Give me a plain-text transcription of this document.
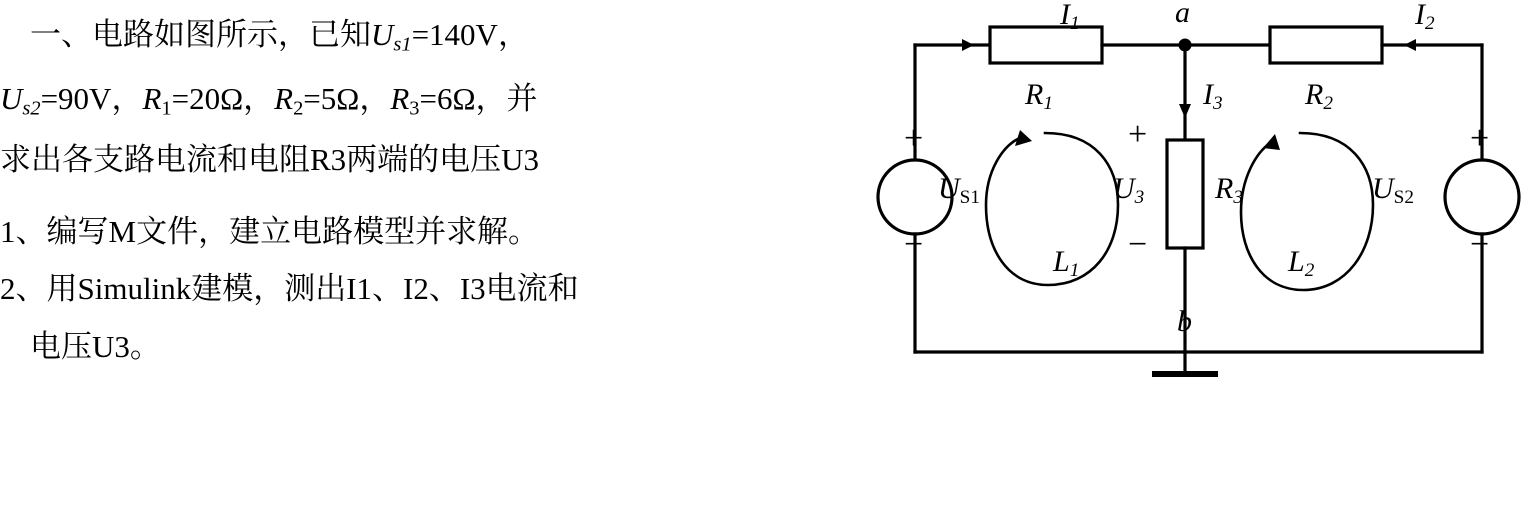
一、电路如图所示，已知$U_{s1}=140V$，
$U_{s2}=90V$，$R_1=20\Omega$，$R_2=5\Omega$，$R_3=6\Omega$，并
求出各支路电流和电阻R3两端的电压U3
1、编写M文件，建立电路模型并求解。
2、用Simulink建模，测出I1、I2、I3电流和
电压U3。
$I_1$	$I_2$
$I_3$
$R_1$	$R_2$
$R_3$
$U_3$
$U_{S1}$	$U_{S2}$
$L_1$	$L_2$
a
b
+
−
+
−
+
−
